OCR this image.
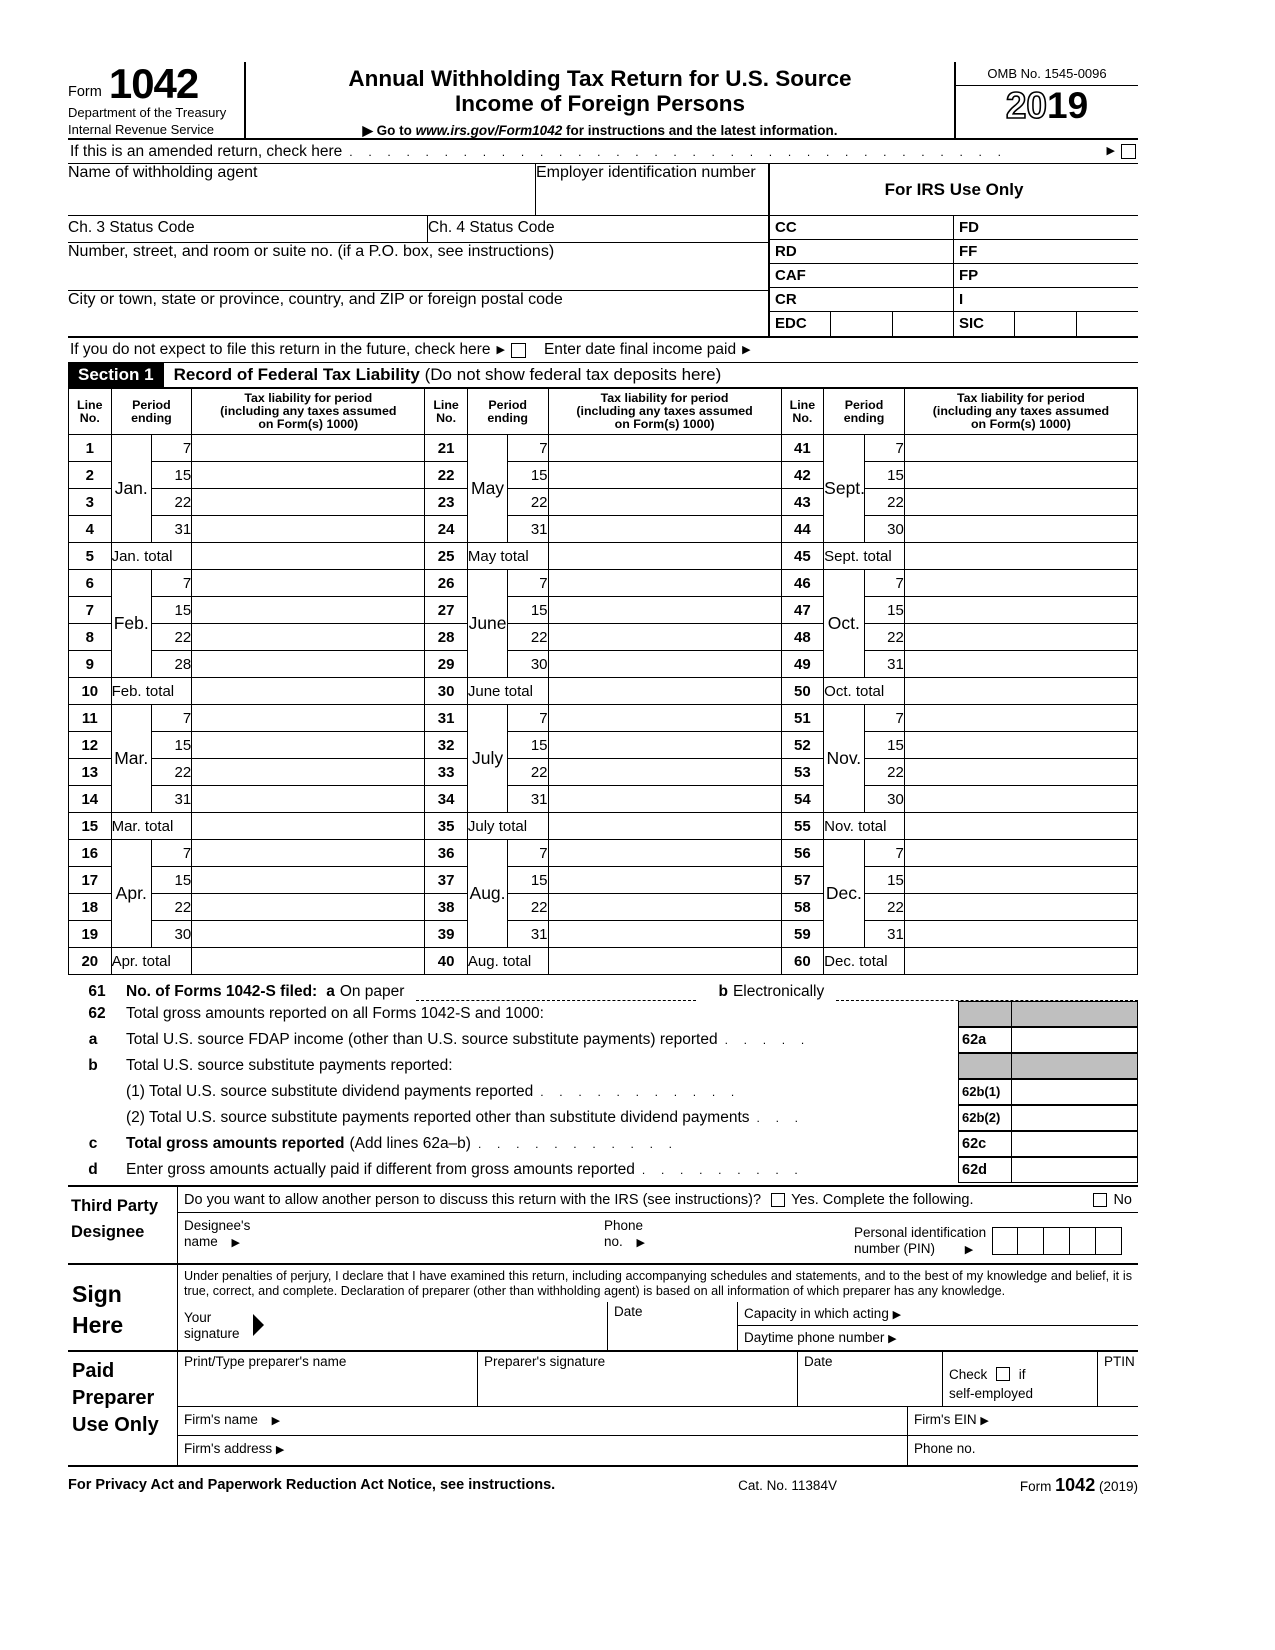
Form 1042
Department of the Treasury
Internal Revenue Service
Annual Withholding Tax Return for U.S. Source
Income of Foreign Persons
▶ Go to www.irs.gov/Form1042 for instructions and the latest information.
OMB No. 1545-0096
2019
If this is an amended return, check here . . . . . . . . . . . . . . . . . . . . . . . . . . . . . . . . . . .	▶
Name of withholding agent	Employer identification number
Ch. 3 Status Code	Ch. 4 Status Code
Number, street, and room or suite no. (if a P.O. box, see instructions)
City or town, state or province, country, and ZIP or foreign postal code
For IRS Use Only
CC	FD
RD	FF
CAF	FP
CR	I
EDC	SIC
If you do not expect to file this return in the future, check here ▶	Enter date final income paid ▶
Section 1	Record of Federal Tax Liability (Do not show federal tax deposits here)
Line
No.	Period
ending		Tax liability for period
(including any taxes assumed
on Form(s) 1000)	Line
No.	Period
ending		Tax liability for period
(including any taxes assumed
on Form(s) 1000)	Line
No.	Period
ending		Tax liability for period
(including any taxes assumed
on Form(s) 1000)
1	Jan.	7		21	May	7		41	Sept.	7	
2		15		22		15		42		15	
3		22		23		22		43		22	
4		31		24		31		44		30	
5	Jan. total			25	May total			45	Sept. total		
6	Feb.	7		26	June	7		46	Oct.	7	
7		15		27		15		47		15	
8		22		28		22		48		22	
9		28		29		30		49		31	
10	Feb. total			30	June total			50	Oct. total		
11	Mar.	7		31	July	7		51	Nov.	7	
12		15		32		15		52		15	
13		22		33		22		53		22	
14		31		34		31		54		30	
15	Mar. total			35	July total			55	Nov. total		
16	Apr.	7		36	Aug.	7		56	Dec.	7	
17		15		37		15		57		15	
18		22		38		22		58		22	
19		30		39		31		59		31	
20	Apr. total			40	Aug. total			60	Dec. total		
61	No. of Forms 1042-S filed: a On paper	b Electronically
62	Total gross amounts reported on all Forms 1042-S and 1000:
a	Total U.S. source FDAP income (other than U.S. source substitute payments) reported . . . . .	62a
b	Total U.S. source substitute payments reported:
(1) Total U.S. source substitute dividend payments reported . . . . . . . . . . .	62b(1)
(2) Total U.S. source substitute payments reported other than substitute dividend payments . . .	62b(2)
c	Total gross amounts reported (Add lines 62a–b) . . . . . . . . . . .	62c
d	Enter gross amounts actually paid if different from gross amounts reported . . . . . . . . .	62d
Third Party
Designee
Do you want to allow another person to discuss this return with the IRS (see instructions)? Yes. Complete the following.	No
Designee's
name ▶
Phone
no. ▶
Personal identification
number (PIN)	▶
Sign
Here
Under penalties of perjury, I declare that I have examined this return, including accompanying schedules and statements, and to the best of my knowledge and belief, it is true, correct, and complete. Declaration of preparer (other than withholding agent) is based on all information of which preparer has any knowledge.
Your
signature
Date	Capacity in which acting ▶
Daytime phone number ▶
Paid
Preparer
Use Only
Print/Type preparer's name	Preparer's signature	Date
Check if
self-employed
PTIN
Firm's name ▶	Firm's EIN ▶
Firm's address ▶	Phone no.
For Privacy Act and Paperwork Reduction Act Notice, see instructions.	Cat. No. 11384V	Form 1042 (2019)
